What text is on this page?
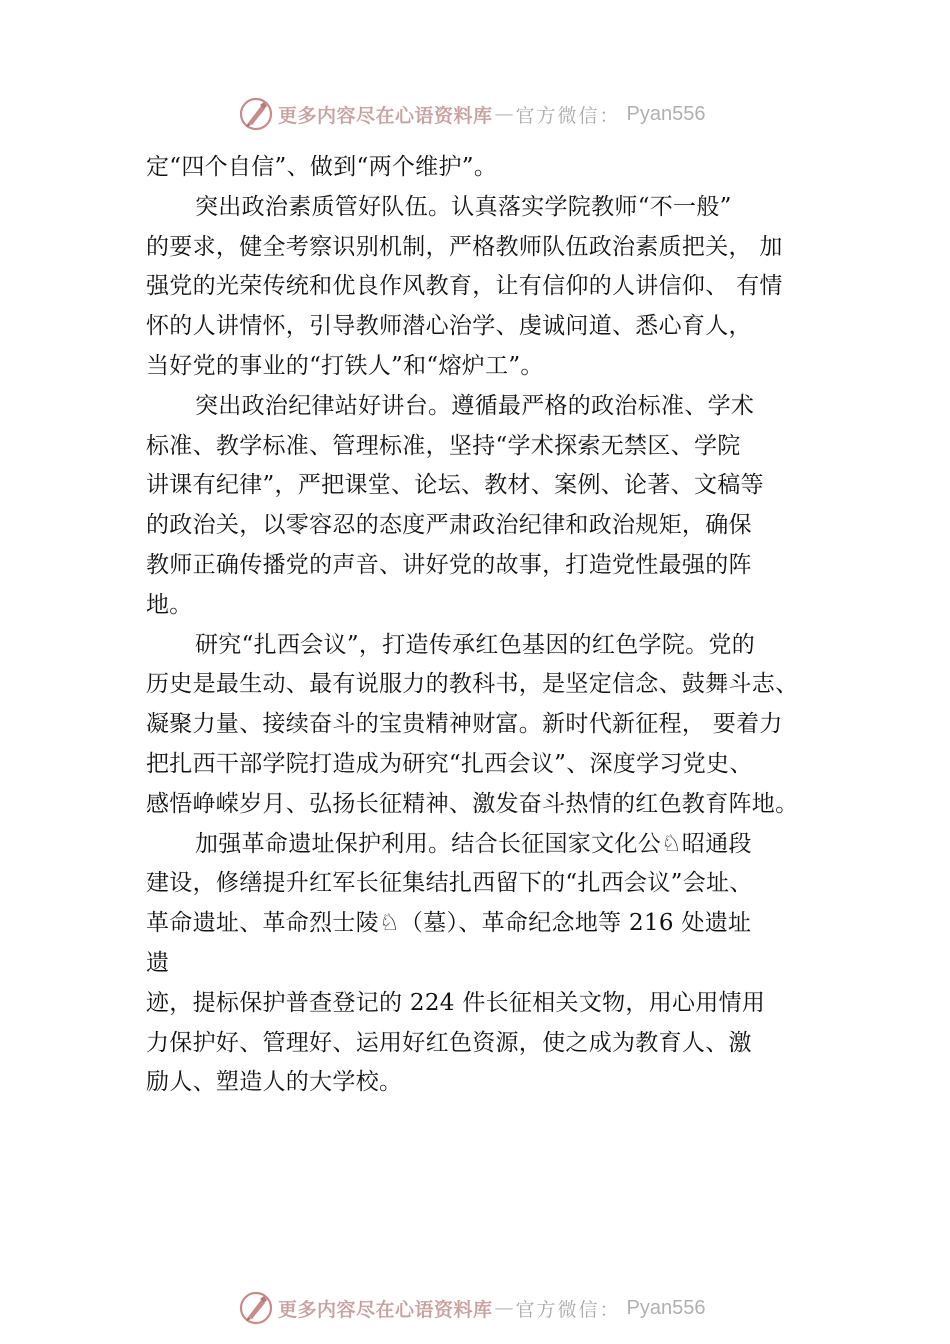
更多内容尽在心语资料库 — 官方微信： Pyan556
定“四个自信”、做到“两个维护”。
突出政治素质管好队伍。认真落实学院教师“不一般”
的要求，健全考察识别机制，严格教师队伍政治素质把关， 加
强党的光荣传统和优良作风教育，让有信仰的人讲信仰、 有情
怀的人讲情怀，引导教师潜心治学、虔诚问道、悉心育人，
当好党的事业的“打铁人”和“熔炉工”。
突出政治纪律站好讲台。遵循最严格的政治标准、学术
标准、教学标准、管理标准，坚持“学术探索无禁区、学院
讲课有纪律”，严把课堂、论坛、教材、案例、论著、文稿等
的政治关，以零容忍的态度严肃政治纪律和政治规矩，确保
教师正确传播党的声音、讲好党的故事，打造党性最强的阵
地。
研究“扎西会议”，打造传承红色基因的红色学院。党的
历史是最生动、最有说服力的教科书，是坚定信念、鼓舞斗志、
凝聚力量、接续奋斗的宝贵精神财富。新时代新征程， 要着力
把扎西干部学院打造成为研究“扎西会议”、深度学习党史、
感悟峥嵘岁月、弘扬长征精神、激发奋斗热情的红色教育阵地。
加强革命遗址保护利用。结合长征国家文化公♘昭通段
建设，修缮提升红军长征集结扎西留下的“扎西会议”会址、
革命遗址、革命烈士陵♘（墓）、革命纪念地等 216 处遗址
遗
迹，提标保护普查登记的 224 件长征相关文物，用心用情用
力保护好、管理好、运用好红色资源，使之成为教育人、激
励人、塑造人的大学校。
更多内容尽在心语资料库 — 官方微信： Pyan556
